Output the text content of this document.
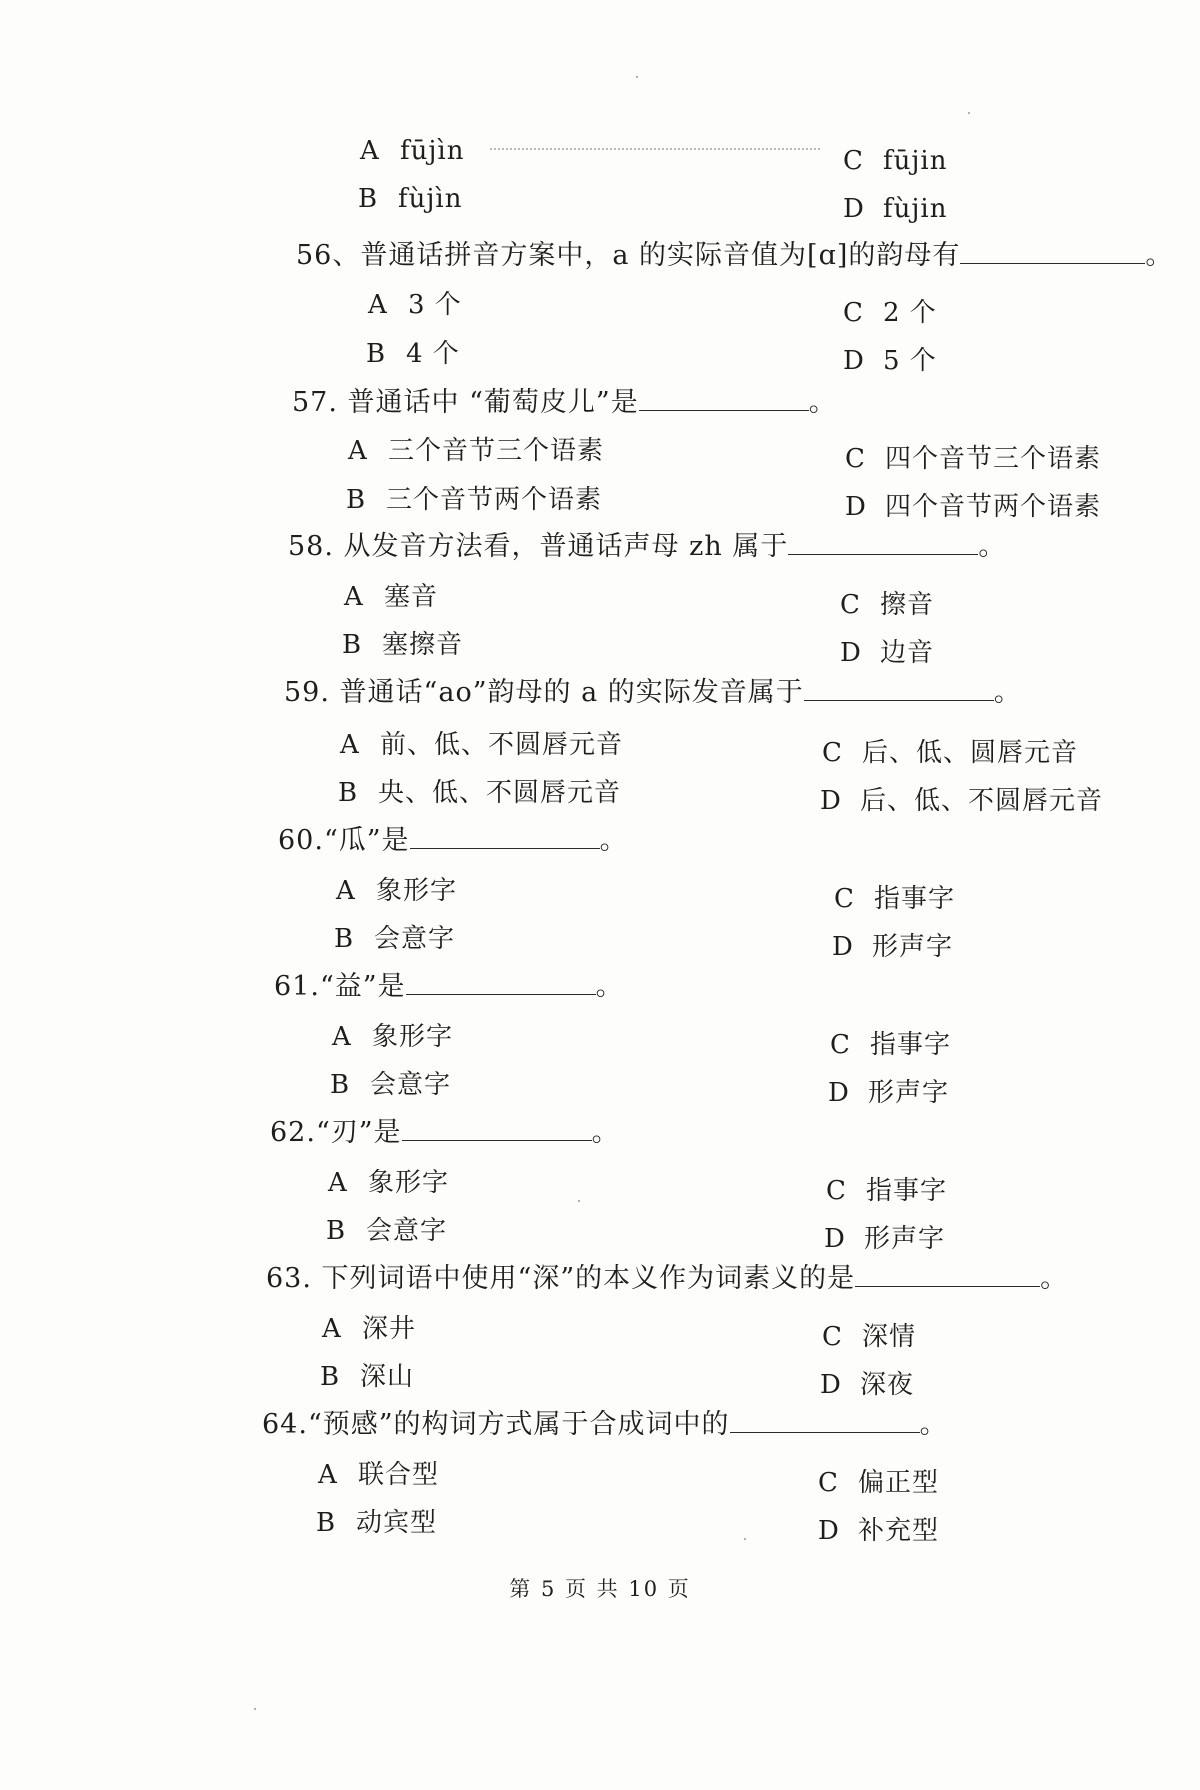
A fūjìn
B fùjìn
C fūjin
D fùjin
56、普通话拼音方案中，a 的实际音值为[ɑ]的韵母有	。
A 3 个
B 4 个
C 2 个
D 5 个
57. 普通话中 “葡萄皮儿”是	。
A 三个音节三个语素
B 三个音节两个语素
C 四个音节三个语素
D 四个音节两个语素
58. 从发音方法看，普通话声母 zh 属于	。
A 塞音
B 塞擦音
C 擦音
D 边音
59. 普通话“ao”韵母的 a 的实际发音属于	。
A 前、低、不圆唇元音
B 央、低、不圆唇元音
C 后、低、圆唇元音
D 后、低、不圆唇元音
60.“瓜”是	。
A 象形字
B 会意字
C 指事字
D 形声字
61.“益”是	。
A 象形字
B 会意字
C 指事字
D 形声字
62.“刃”是	。
A 象形字
B 会意字
C 指事字
D 形声字
63. 下列词语中使用“深”的本义作为词素义的是	。
A 深井
B 深山
C 深情
D 深夜
64.“预感”的构词方式属于合成词中的	。
A 联合型
B 动宾型
C 偏正型
D 补充型
第 5 页 共 10 页
